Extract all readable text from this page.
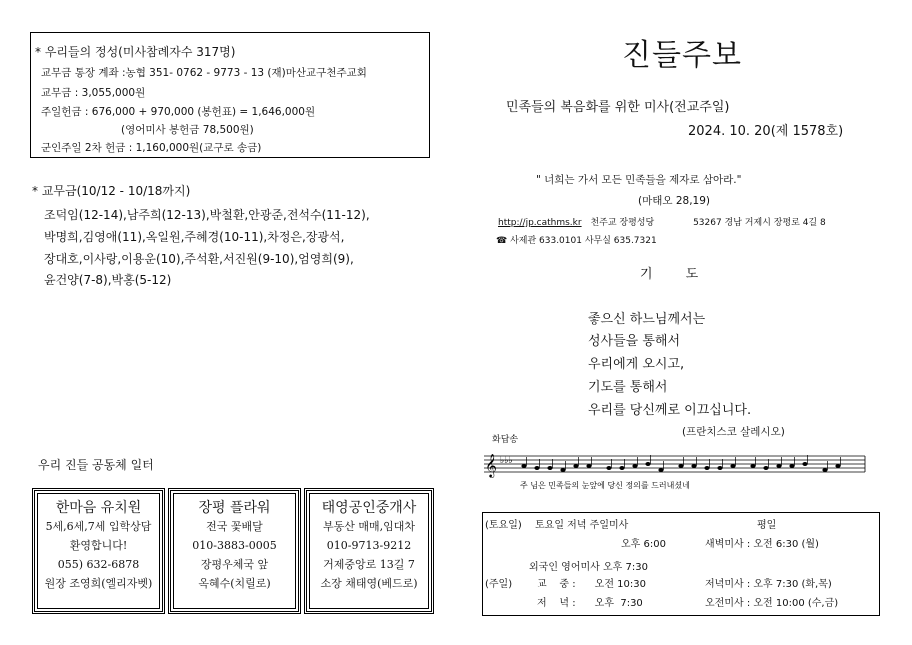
* 우리들의 정성(미사참례자수 317명)
교무금 통장 계좌 :농협 351- 0762 - 9773 - 13 (재)마산교구천주교회
교무금 : 3,055,000원
주일헌금 : 676,000 + 970,000 (봉헌표) = 1,646,000원
(영어미사 봉헌금 78,500원)
군인주일 2차 헌금 : 1,160,000원(교구로 송금)
* 교무금(10/12 - 10/18까지)
조덕임(12-14),남주희(12-13),박철환,안광준,전석수(11-12),
박명희,김영애(11),옥일원,주혜경(10-11),차정은,장광석,
장대호,이사랑,이용운(10),주석환,서진원(9-10),엄영희(9),
윤건양(7-8),박홍(5-12)
우리 진들 공동체 일터
한마음 유치원
5세,6세,7세 입학상담
환영합니다!
055) 632-6878
원장 조영희(엘리자벳)
장평 플라워
전국 꽃배달
010-3883-0005
장평우체국 앞
옥혜수(치릴로)
태영공인중개사
부동산 매매,임대차
010-9713-9212
거제중앙로 13길 7
소장 채태영(베드로)
진들주보
민족들의 복음화를 위한 미사(전교주일)
2024. 10. 20(제 1578호)
" 너희는 가서 모든 민족들을 제자로 삼아라."
(마태오 28,19)
http://jp.cathms.kr 천주교 장평성당	53267 경남 거제시 장평로 4길 8
☎ 사제관 633.0101 사무실 635.7321
기        도
좋으신 하느님께서는
성사들을 통해서
우리에게 오시고,
기도를 통해서
우리를 당신께로 이끄십니다.
(프란치스코 살레시오)
화답송
𝄞 ♭♭♭
주 님은 민족들의 눈앞에 당신 정의를 드러내셨네
(토요일) 토요일 저녁 주일미사	평일
오후 6:00	새벽미사 : 오전 6:30 (월)
외국인 영어미사 오후 7:30
(주일) 교    중 :      오전 10:30	저녁미사 : 오후 7:30 (화,목)
저    녁 :      오후  7:30	오전미사 : 오전 10:00 (수,금)
